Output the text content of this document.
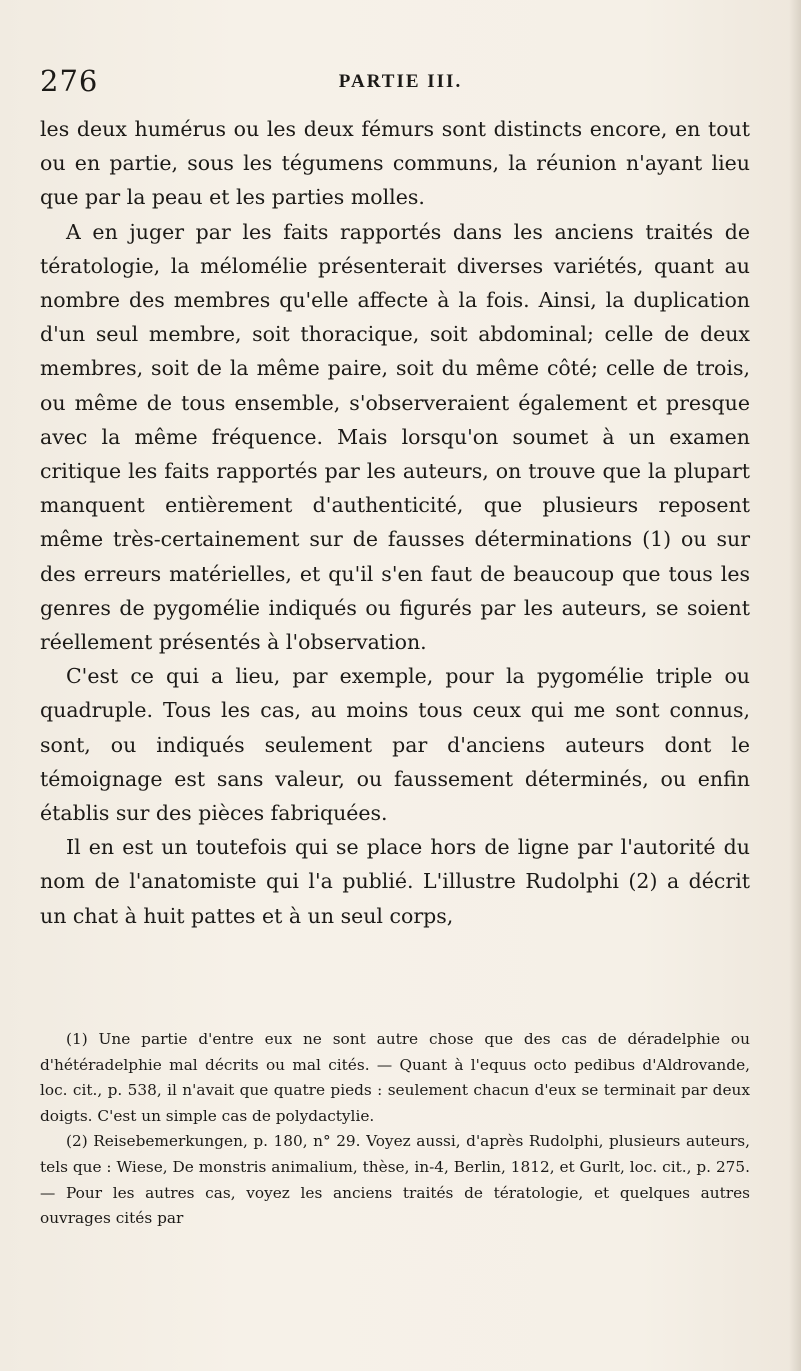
276	PARTIE III.

les deux humérus ou les deux fémurs sont distincts encore, en tout ou en partie, sous les tégumens communs, la réunion n'ayant lieu que par la peau et les parties molles.

A en juger par les faits rapportés dans les anciens traités de tératologie, la mélomélie présenterait diverses variétés, quant au nombre des membres qu'elle affecte à la fois. Ainsi, la duplication d'un seul membre, soit thoracique, soit abdominal; celle de deux membres, soit de la même paire, soit du même côté; celle de trois, ou même de tous ensemble, s'observeraient également et presque avec la même fréquence. Mais lorsqu'on soumet à un examen critique les faits rapportés par les auteurs, on trouve que la plupart manquent entièrement d'authenticité, que plusieurs reposent même très-certainement sur de fausses déterminations (1) ou sur des erreurs matérielles, et qu'il s'en faut de beaucoup que tous les genres de pygomélie indiqués ou figurés par les auteurs, se soient réellement présentés à l'observation.

C'est ce qui a lieu, par exemple, pour la pygomélie triple ou quadruple. Tous les cas, au moins tous ceux qui me sont connus, sont, ou indiqués seulement par d'anciens auteurs dont le témoignage est sans valeur, ou faussement déterminés, ou enfin établis sur des pièces fabriquées.

Il en est un toutefois qui se place hors de ligne par l'autorité du nom de l'anatomiste qui l'a publié. L'illustre Rudolphi (2) a décrit un chat à huit pattes et à un seul corps,

(1) Une partie d'entre eux ne sont autre chose que des cas de déradelphie ou d'hétéradelphie mal décrits ou mal cités. — Quant à l'equus octo pedibus d'Aldrovande, loc. cit., p. 538, il n'avait que quatre pieds : seulement chacun d'eux se terminait par deux doigts. C'est un simple cas de polydactylie.

(2) Reisebemerkungen, p. 180, n° 29. Voyez aussi, d'après Rudolphi, plusieurs auteurs, tels que : Wiese, De monstris animalium, thèse, in-4, Berlin, 1812, et Gurlt, loc. cit., p. 275. — Pour les autres cas, voyez les anciens traités de tératologie, et quelques autres ouvrages cités par
